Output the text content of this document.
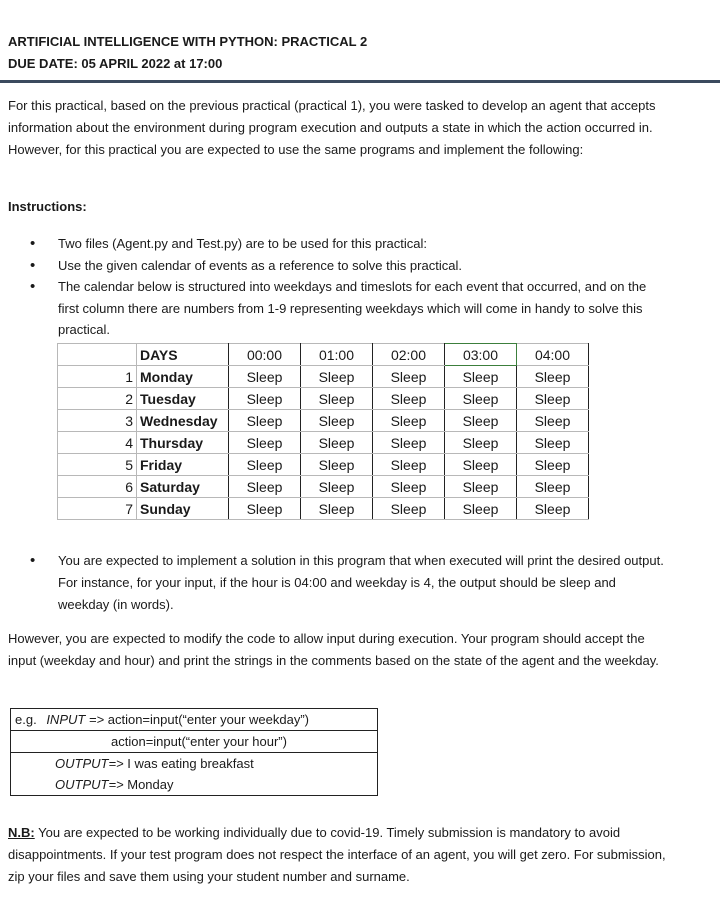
ARTIFICIAL INTELLIGENCE WITH PYTHON: PRACTICAL 2
DUE DATE: 05 APRIL 2022 at 17:00
For this practical, based on the previous practical (practical 1), you were tasked to develop an agent that accepts information about the environment during program execution and outputs a state in which the action occurred in. However, for this practical you are expected to use the same programs and implement the following:
Instructions:
• Two files (Agent.py and Test.py) are to be used for this practical:
• Use the given calendar of events as a reference to solve this practical.
• The calendar below is structured into weekdays and timeslots for each event that occurred, and on the first column there are numbers from 1-9 representing weekdays which will come in handy to solve this practical.
	DAYS	00:00	01:00	02:00	03:00	04:00
1	Monday	Sleep	Sleep	Sleep	Sleep	Sleep
2	Tuesday	Sleep	Sleep	Sleep	Sleep	Sleep
3	Wednesday	Sleep	Sleep	Sleep	Sleep	Sleep
4	Thursday	Sleep	Sleep	Sleep	Sleep	Sleep
5	Friday	Sleep	Sleep	Sleep	Sleep	Sleep
6	Saturday	Sleep	Sleep	Sleep	Sleep	Sleep
7	Sunday	Sleep	Sleep	Sleep	Sleep	Sleep
• You are expected to implement a solution in this program that when executed will print the desired output. For instance, for your input, if the hour is 04:00 and weekday is 4, the output should be sleep and weekday (in words).
However, you are expected to modify the code to allow input during execution. Your program should accept the input (weekday and hour) and print the strings in the comments based on the state of the agent and the weekday.
e.g. INPUT => action=input(“enter your weekday”)
action=input(“enter your hour”)
OUTPUT=> I was eating breakfast
OUTPUT=> Monday
N.B: You are expected to be working individually due to covid-19. Timely submission is mandatory to avoid disappointments. If your test program does not respect the interface of an agent, you will get zero. For submission, zip your files and save them using your student number and surname.
